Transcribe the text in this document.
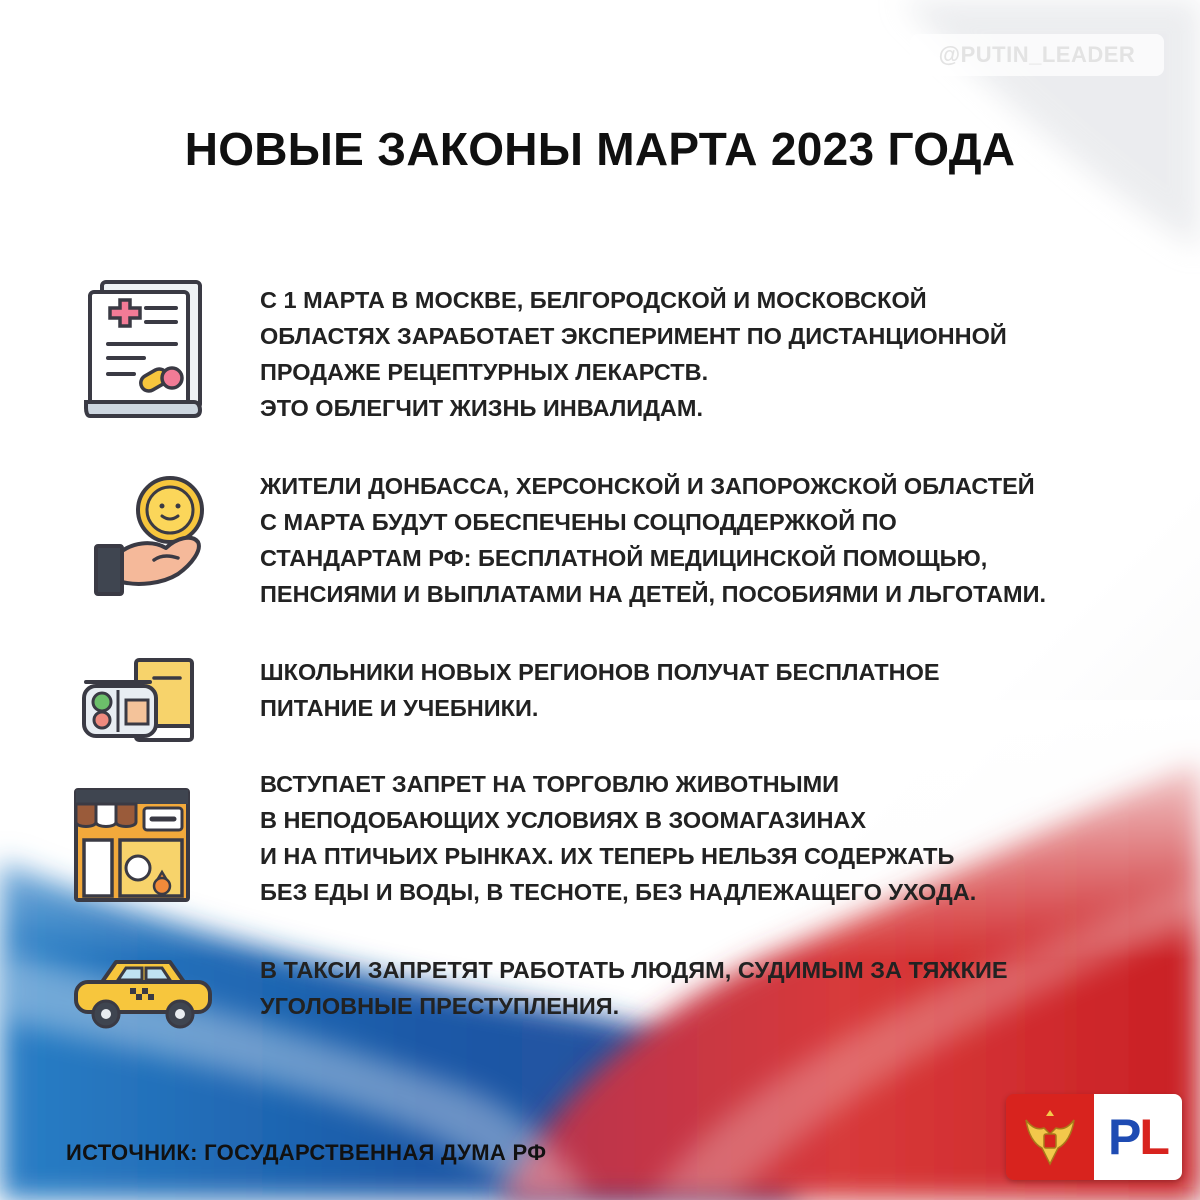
@PUTIN_LEADER
НОВЫЕ ЗАКОНЫ МАРТА 2023 ГОДА
С 1 МАРТА В МОСКВЕ, БЕЛГОРОДСКОЙ И МОСКОВСКОЙ
ОБЛАСТЯХ ЗАРАБОТАЕТ ЭКСПЕРИМЕНТ ПО ДИСТАНЦИОННОЙ
ПРОДАЖЕ РЕЦЕПТУРНЫХ ЛЕКАРСТВ.
ЭТО ОБЛЕГЧИТ ЖИЗНЬ ИНВАЛИДАМ.
ЖИТЕЛИ ДОНБАССА, ХЕРСОНСКОЙ И ЗАПОРОЖСКОЙ ОБЛАСТЕЙ
С МАРТА БУДУТ ОБЕСПЕЧЕНЫ СОЦПОДДЕРЖКОЙ ПО
СТАНДАРТАМ РФ: БЕСПЛАТНОЙ МЕДИЦИНСКОЙ ПОМОЩЬЮ,
ПЕНСИЯМИ И ВЫПЛАТАМИ НА ДЕТЕЙ, ПОСОБИЯМИ И ЛЬГОТАМИ.
ШКОЛЬНИКИ НОВЫХ РЕГИОНОВ ПОЛУЧАТ БЕСПЛАТНОЕ
ПИТАНИЕ И УЧЕБНИКИ.
ВСТУПАЕТ ЗАПРЕТ НА ТОРГОВЛЮ ЖИВОТНЫМИ
В НЕПОДОБАЮЩИХ УСЛОВИЯХ В ЗООМАГАЗИНАХ
И НА ПТИЧЬИХ РЫНКАХ. ИХ ТЕПЕРЬ НЕЛЬЗЯ СОДЕРЖАТЬ
БЕЗ ЕДЫ И ВОДЫ, В ТЕСНОТЕ, БЕЗ НАДЛЕЖАЩЕГО УХОДА.
В ТАКСИ ЗАПРЕТЯТ РАБОТАТЬ ЛЮДЯМ, СУДИМЫМ ЗА ТЯЖКИЕ
УГОЛОВНЫЕ ПРЕСТУПЛЕНИЯ.
ИСТОЧНИК: ГОСУДАРСТВЕННАЯ ДУМА РФ	P L
